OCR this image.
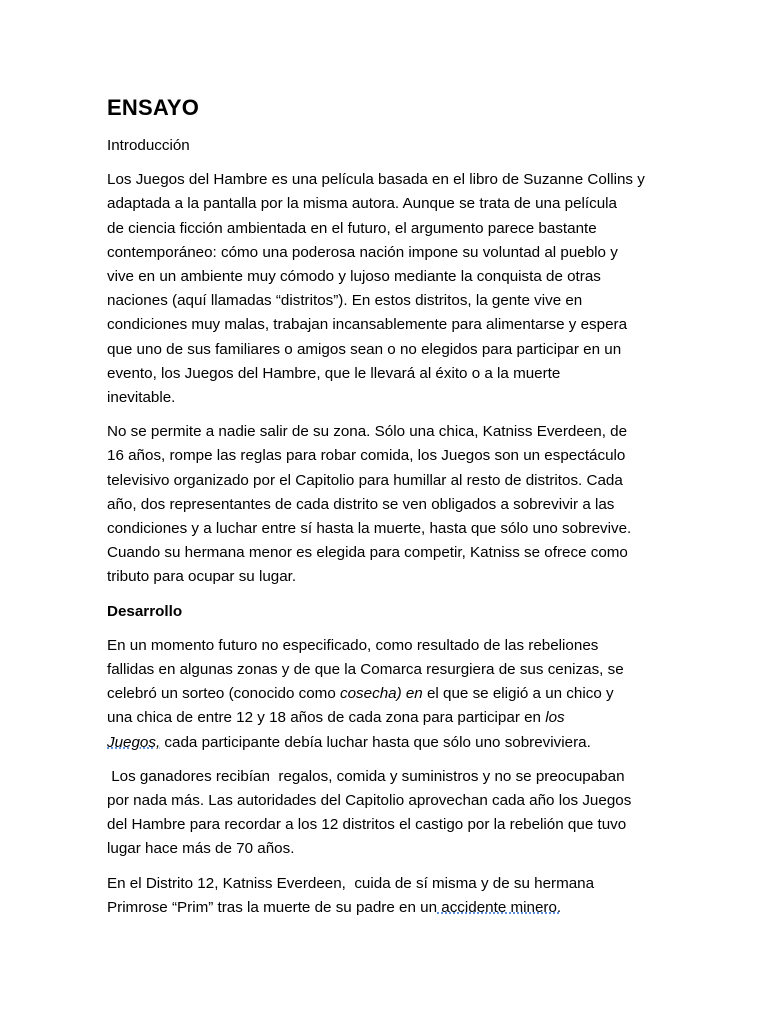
ENSAYO
Introducción
Los Juegos del Hambre es una película basada en el libro de Suzanne Collins y
adaptada a la pantalla por la misma autora. Aunque se trata de una película
de ciencia ficción ambientada en el futuro, el argumento parece bastante
contemporáneo: cómo una poderosa nación impone su voluntad al pueblo y
vive en un ambiente muy cómodo y lujoso mediante la conquista de otras
naciones (aquí llamadas “distritos”). En estos distritos, la gente vive en
condiciones muy malas, trabajan incansablemente para alimentarse y espera
que uno de sus familiares o amigos sean o no elegidos para participar en un
evento, los Juegos del Hambre, que le llevará al éxito o a la muerte
inevitable.
No se permite a nadie salir de su zona. Sólo una chica, Katniss Everdeen, de
16 años, rompe las reglas para robar comida, los Juegos son un espectáculo
televisivo organizado por el Capitolio para humillar al resto de distritos. Cada
año, dos representantes de cada distrito se ven obligados a sobrevivir a las
condiciones y a luchar entre sí hasta la muerte, hasta que sólo uno sobrevive.
Cuando su hermana menor es elegida para competir, Katniss se ofrece como
tributo para ocupar su lugar.
Desarrollo
En un momento futuro no especificado, como resultado de las rebeliones
fallidas en algunas zonas y de que la Comarca resurgiera de sus cenizas, se
celebró un sorteo (conocido como cosecha) en el que se eligió a un chico y
una chica de entre 12 y 18 años de cada zona para participar en los
Juegos, cada participante debía luchar hasta que sólo uno sobreviviera.
Los ganadores recibían  regalos, comida y suministros y no se preocupaban
por nada más. Las autoridades del Capitolio aprovechan cada año los Juegos
del Hambre para recordar a los 12 distritos el castigo por la rebelión que tuvo
lugar hace más de 70 años.
En el Distrito 12, Katniss Everdeen,  cuida de sí misma y de su hermana
Primrose “Prim” tras la muerte de su padre en un accidente minero.
